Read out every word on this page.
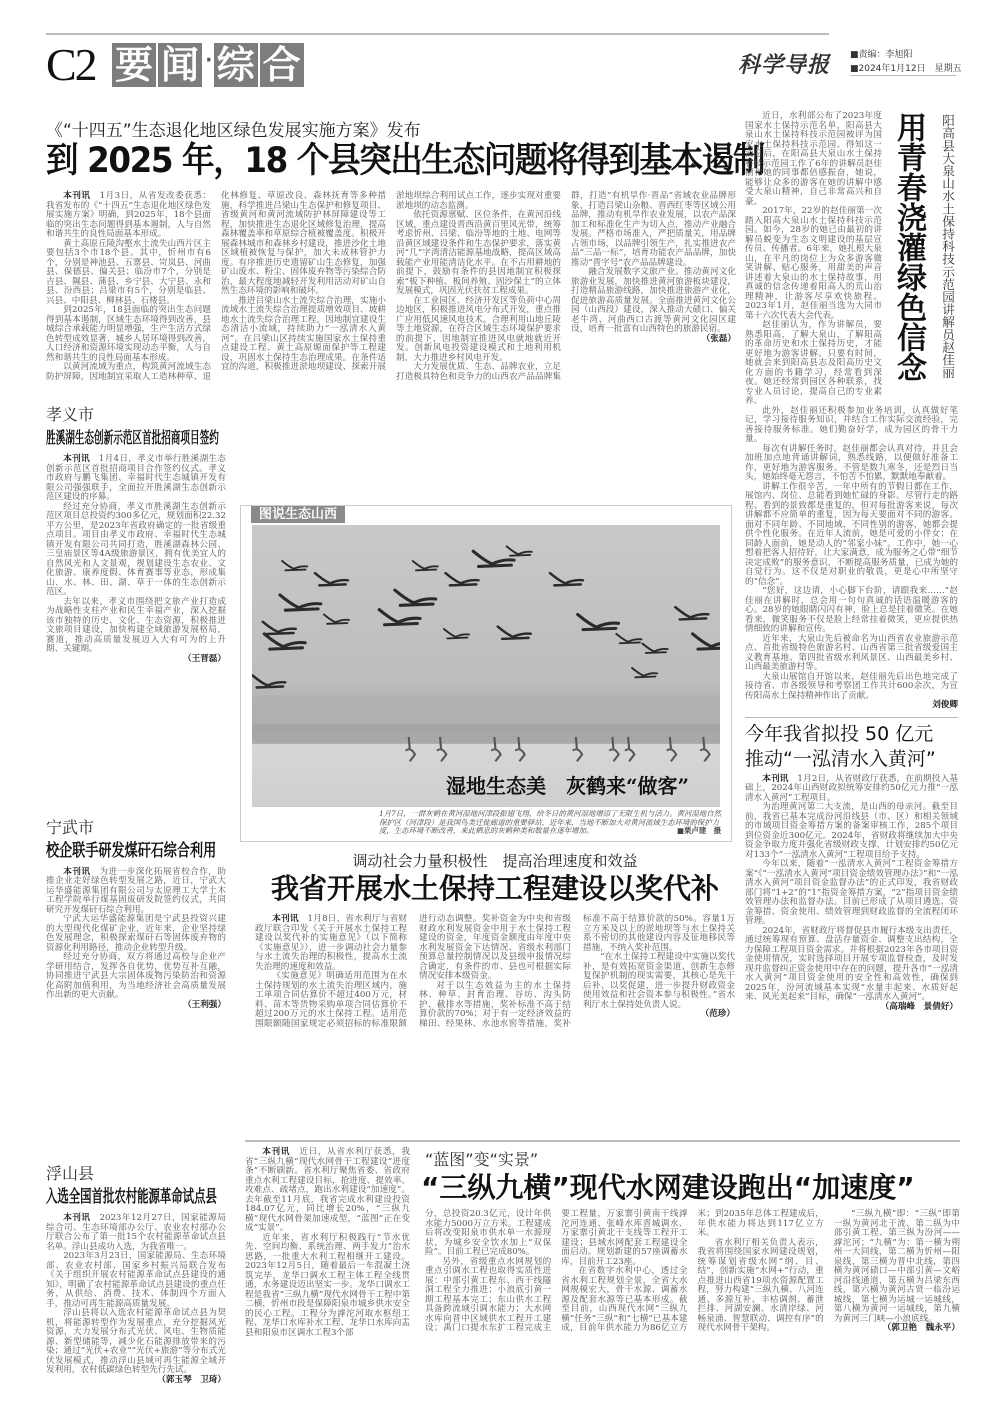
C2 要 闻 ·综 合	科学导报 ■责编：李旭阳
■2024年1月12日　星期五
《“十四五”生态退化地区绿色发展实施方案》发布
到 2025 年，18 个县突出生态问题将得到基本遏制

本刊讯　 1月3日，从省发改委获悉：我省发布的《“十四五”生态退化地区绿色发展实施方案》明确，到2025年，18个县面临的突出生态问题得到基本遏制，人与自然和谐共生的良性局面基本形成。

黄土高原丘陵沟壑水土流失山西片区主要包括3个市18个县。其中，忻州市有6个，分别是神池县、五寨县、岢岚县、河曲县、保德县、偏关县；临汾市7个，分别是吉县、隰县、蒲县、乡宁县、大宁县、永和县、汾西县；吕梁市有5个，分别是临县、兴县、中阳县、柳林县、石楼县。

到2025年，18县面临的突出生态问题得到基本遏制，区域生态环境得到改善，县城综合承载能力明显增强，生产生活方式绿色转型成效显著，城乡人居环境得到改善，人口经济和资源环境实现动态平衡，人与自然和谐共生的良性局面基本形成。

以黄河流域为重点，构筑黄河流域生态防护屏障，因地制宜采取人工造林种草、退化林修复、草原改良、森林抚育等多种措施，科学推进吕梁山生态保护和修复项目、省级黄河和黄河流域防护林屏障建设等工程，加快推进生态退化区域修复治理，提高森林覆盖率和草原综合植被覆盖度。积极开展森林城市和森林乡村建设，推进沙化土地区域植被恢复与保护，加大未成林管护力度。有序推进历史遗留矿山生态修复，加强矿山废水、粉尘、固体废弃物等污染综合防治，最大程度地减轻开发利用活动对矿山自然生态环境的影响和破坏。

推进吕梁山水土流失综合治理，实施小流域水土流失综合治理提质增效项目、坡耕地水土流失综合治理工程，因地制宜建设生态清洁小流域，持续助力“一泓清水入黄河”。在吕梁山区持续实施国家水土保持重点建设工程、黄土高原塬面保护等工程建设，巩固水土保持生态治理成果。在条件适宜的沟道，积极推进淤地坝建设、探索开展淤地坝综合利用试点工作，逐步实现对重要淤地坝的动态监测。

依托资源禀赋、区位条件，在黄河沿线区域，重点建设晋西沿黄百里风光带，统筹考虑忻州、吕梁、临汾等地的土地、电网等沿黄区域建设条件和生态保护要求，落实黄河“几”字湾清洁能源基地战略，提高区域高载能产业用能清洁化水平。在不占用耕地的前提下，鼓励有条件的县因地制宜积极探索“板下种植、板间养殖、固沙保土”的立体发展模式，巩固光伏扶贫工程成果。

在工业园区、经济开发区等负荷中心周边地区，积极推进风电分布式开发，重点推广应用低风速风电技术。合理利用山地丘陵等土地资源，在符合区域生态环境保护要求的前提下，因地制宜推进风电就地就近开发。创新风电投资建设模式和土地利用机制，大力推进乡村风电开发。

大力发展优质、生态、品牌农业，立足打造极具特色和竞争力的山西农产品品牌集群，打造“有机旱作·晋品”省域农业品牌形象，打造吕梁山杂粮、晋西红枣等区域公用品牌，推动有机旱作农业发展，以农产品深加工和标准化生产为切入点，推动产业融合发展。严格市场准入，严把质量关，用品牌占领市场，以品牌引领生产，扎实推进农产品“三品一标”，培育功能农产品品牌，加快推动“晋字号”农产品品牌建设。

融合发展数字文旅产业。推动黄河文化旅游业发展，加快推进黄河旅游板块建设，打造精品旅游线路，加快推进旅游产业化，促进旅游高质量发展。全面推进黄河文化公园（山西段）建设，深入推动大碛口、偏关老牛湾、河曲西口古渡等黄河文化园区建设，培育一批富有山西特色的旅游民宿。

（张磊）

孝义市
胜溪湖生态创新示范区首批招商项目签约

本刊讯　 1月4日，孝义市举行胜溪湖生态创新示范区首批招商项目合作签约仪式。孝义市政府与鹏飞集团、幸福时代生态城镇开发有限公司强强联手，全面拉开胜溪湖生态创新示范区建设的序幕。

经过充分协商，孝义市胜溪湖生态创新示范区项目总投资约300多亿元，规划面积22.32平方公里，是2023年省政府确定的一批省级重点项目。项目由孝义市政府、幸福时代生态城镇开发有限公司共同打造，胜溪湖森林公园、三皇庙景区等4A级旅游景区，拥有优美宜人的自然风光和人文景观，规划建设生态农业、文化旅游、康养度假、体育赛事等业态，形成集山、水、林、田、湖、草于一体的生态创新示范区。

去年以来，孝义市围绕把文旅产业打造成为战略性支柱产业和民生幸福产业，深入挖掘该市独特的历史、文化、生态资源，积极推进文旅项目建设，加快构建全域旅游发展格局，赛道，推动高质量发展迈入大有可为的上升期、关键期。

（王晋磊）

宁武市
校企联手研发煤矸石综合利用

本刊讯　 为进一步深化拓展省校合作，助推企业走好绿色转型发展之路，近日，宁武大运华盛能源集团有限公司与太原理工大学土木工程学院举行煤基固废研发院签约仪式，共同研究开发煤矸石综合利用。

宁武大运华盛能源集团是宁武县投资兴建的大型现代化煤矿企业，近年来，企业坚持绿色发展理念，积极探索煤矸石等固体废弃物的资源化利用路径，推动企业转型升级。

经过充分协商，双方将通过高校与企业产学研用结合，发挥各自优势，优势互补互融，协同推进宁武县大宗固体废物污染防治和资源化高附加值利用，为当地经济社会高质量发展作出新的更大贡献。

（王利强）

浮山县
入选全国首批农村能源革命试点县

本刊讯　 2023年12月27日，国家能源局综合司、生态环境部办公厅、农业农村部办公厅联合公布了第一批15个农村能源革命试点县名单。浮山县成功入选，为我省唯一。

2023年3月23日，国家能源局、生态环境部、农业农村部、国家乡村振兴局联合发布《关于组织开展农村能源革命试点县建设的通知》，明确了农村能源革命试点县建设的重点任务，从供给、消费、技术、体制四个方面入手，推动可再生能源高质量发展。

浮山县将以入选农村能源革命试点县为契机，将能源转型作为发展重点，充分挖掘风光资源，大力发展分布式光伏、风电、生物质能源、新型储能等，减少化石能源排放带来的污染；通过“光伏+农业”“光伏+旅游”等分布式光伏发展模式，推动浮山县域可再生能源全域开发利用，农村低碳绿色转型先行先试。

（郭玉琴　卫琦）

图说生态山西
湿地生态美　灰鹤来“做客”
1月7日，一群灰鹤在黄河湿地河津段振翅飞翔，给冬日的黄河湿地增添了无限生机与活力。黄河湿地自然保护区（河津段）是我国鸟类迁徙廊道的重要驿站，近年来，当地不断加大对黄河流域生态环境的保护力度，生态环境不断改善，来此栖息的灰鹤种类和数量在逐年增加。	■栗卢建　摄
调动社会力量积极性　提高治理速度和效益
我省开展水土保持工程建设以奖代补

本刊讯　 1月8日，省水利厅与省财政厅联合印发《关于开展水土保持工程建设以奖代补的实施意见》（以下简称《实施意见》），进一步调动社会力量参与水土流失治理的积极性，提高水土流失治理的速度和效益。

《实施意见》明确适用范围为在水土保持规划的水土流失治理区域内，施工单项合同估算价不超过400万元，材料、苗木等货物采购单项合同估算价不超过200万元的水土保持工程。适用范围限额随国家规定必须招标的标准限额进行动态调整。奖补资金为中央和省级财政水利发展资金中用于水土保持工程建设的资金，年度资金额度由年度中央水利发展资金下达情况、省级水利部门预算总量控制情况以及县级申报情况综合确定，有条件的市、县也可根据实际情况安排本级资金。

对于以生态效益为主的水土保持林、种草、封育治理、谷坊、沟头防护、截排水等措施，奖补标准不高于结算价款的70%；对于有一定经济效益的梯田、经果林、水池水窖等措施，奖补标准不高于结算价款的50%。容量1万立方米及以上的淤地坝等与水土保持关系不密切的其他建设内容及征地移民等措施，不纳入奖补范围。

“在水土保持工程建设中实施以奖代补，是有效拓宽资金渠道、创新生态修复保护机制的现实需要，其核心是先干后补、以奖促建，进一步提升财政资金使用效益和社会资本参与积极性。”省水利厅水土保持处负责人说。

（范珍）

用青春浇灌绿色信念 阳高县大泉山水土保持科技示范园讲解员赵佳丽

近日，水利部公布了2023年度国家水土保持示范名单，阳高县大泉山水土保持科技示范园被评为国家水土保持科技示范园。得知这一消息后，在阳高县大泉山水土保持科技示范园工作了6年的讲解员赵佳丽和她的同事都倍感振奋，她说，能够让众多的游客在她的讲解中感受大泉山精神，自己非常高兴和自豪。

2017年，22岁的赵佳丽第一次踏入阳高大泉山水土保持科技示范园。如今，28岁的她已由最初的讲解员蜕变为生态文明建设的基层宣传员、传播者。6年来，她扎根大泉山，在平凡的岗位上为众多游客微笑讲解、贴心服务，用甜美的声音讲述着大泉山的水土保持故事，用真诚的信念传递着阳高人的荒山治理精神，让游客尽享欢快旅程。2023年1月，赵佳丽当选为大同市第十六次代表大会代表。

赵佳丽认为，作为讲解员，要熟悉阳高，了解大泉山，了解阳高的革命历史和水土保持历史，才能更好地为游客讲解。只要有时间，她就会来到阳高县志及阳高历史文化方面的书籍学习，经常看到深夜。她还经常到园区各种联系，找专业人员讨论，提高自己的专业素养。

此外，赵佳丽还积极参加业务培训，认真做好笔记，学习接待服务知识，并结合工作实际交流经验，完善接待服务标准。她们勤奋好学，成为园区的骨干力量。

每次有讲解任务时，赵佳丽都会认真对待，并且会加班加点地背诵讲解词，熟悉线路，以便做好准备工作，更好地为游客服务。不管是数九寒冬，还是烈日当头，她始终毫无怨言，不怕苦不怕累，默默地奉献着。

讲解工作很辛苦，一年中所有的节假日都在工作，展馆内、岗位、总能看到她忙碌的身影。尽管行走的路程、看到的景致都是重复的，但对每批游客来说，每次讲解都不应简单的重复，因为每天要面对不同的游客。面对不同年龄、不同地域、不同性别的游客，她都会提供个性化服务。在近年人流前，她是可爱的小伴女；在同龄人面前，她是动人的“邻家小妹”。工作中，她一心想着把客人招待好，让大家满意，成为服务之心带“细节决定成败”的服务意识，不断提高服务质量，已成为她的自觉行为。这不仅是对职业的敬畏，更是心中所坚守的“信念”。

“您好，这边请，小心脚下台阶，请跟我来……”赵佳丽在讲解时，总会用一句句真诚的话语温暖游客的心。28岁的她眼睛闪闪有神，脸上总是挂着微笑。在她看来，微笑服务不仅是脸上经常挂着微笑，更应提供热情细致的讲解和宣传。

近年来，大泉山先后被命名为山西省农业旅游示范点、首批省级特色旅游名村、山西省第三批省级爱国主义教育基地、第四批省级水利风景区、山西最美乡村、山西最美旅游村等。

大泉山展馆自开馆以来，赵佳丽先后出色地完成了接待省、市各级领导和考察团工作共计600余次，为宣传阳高水土保持精神作出了贡献。

刘俊卿

今年我省拟投 50 亿元
推动“一泓清水入黄河”

本刊讯　 1月2日，从省财政厅获悉，在前期投入基础上，2024年山西财政拟统筹安排约50亿元力推“一泓清水入黄河”工程项目。

为治理黄河第二大支流，是山西的母亲河。截至目前，我省已基本完成汾河沿线县（市、区）和相关领域的市域项目资金筹措方案的备案审核工作，285个项目到位资金近300亿元。2024年，省财政将继续加大中央资金争取力度并强化省级财政支撑，计划安排约50亿元对133个“一泓清水入黄河”工程项目给予支持。

今年以来，随着“一泓清水入黄河”工程资金筹措方案“《“一泓清水入黄河”项目资金绩效管理办法》”和“一泓清水入黄河”项目资金监督办法”的正式印发，我省财政部门将“1+2”的“1”指资金筹措方案，“2”指项目资金绩效管理办法和监督办法。目前已形成了从项目遴选、资金筹措、资金使用、绩效管理到财政监督的全流程闭环管理。

2024年，省财政厅将督促县市履行本级支出责任，通过统筹现有预算、盘活存量资金、调整支出结构，全力保障工程项目资金需求。并将根据2023年各市项目资金使用情况，实时选择项目开展专项监督检查，及时发现并监督纠正资金使用中存在的问题，提升各市“一泓清水入黄河”项目资金使用的安全性和高效性，确保到2025年，汾河流域基本实现“水量丰起来、水质好起来、风光美起来”目标，确保“一泓清水入黄河”。

（高瑞峰　景倩好）

本刊讯　 近日，从省水利厅获悉，我省“三纵九横”现代水网骨干工程建设“进度条”不断刷新。省水利厅聚焦省委、省政府重点水利工程建设目标，抢进度、提效率、攻难点、疏堵点，跑出水利建设“加速度”。去年截至11月底，我省完成水利建设投资184.07亿元，同比增长20%，“三纵九横”现代水网骨架加速成型，“蓝图”正在变成“实景”。

近年来，省水利厅积极践行“节水优先、空间均衡、系统治理、两手发力”治水思路，一批重大水利工程相继开工建设。2023年12月5日，随着最后一车混凝土浇筑完毕，龙华口调水工程主体工程全线贯通，水务建设迈出坚实一步。龙华口调水工程是我省“三纵九横”现代水网骨干工程中第二横，忻州市段是保障阳泉市城乡供水安全的民心工程。工程分为滹沱河取水枢纽工程、龙华口水库补水工程、龙华口水库向盂县和阳泉市区调水工程3个部

“蓝图”变“实景”
“三纵九横”现代水网建设跑出“加速度”

分，总投资20.3亿元，设计年供水能力5000万立方米。工程建成后将改变阳泉市供水单一水源现状，为城乡安全饮水加上“双保险”。目前工程已完成80%。

另外，省级重点水网规划的重点引调水工程也取得实质性进展：中部引黄工程东、西干线隧洞工程全力推进；小浪底引黄一期工程基本完工；东山供水工程具备跨流域引调水能力；大水网水库向晋中区域供水工程开工建设；禹门口提水东扩工程完成主要工程量，万家寨引黄南干线滹沱河连通、张峰水库晋城调水、万家寨引黄北干支线等工程开工建设；县域水网配套工程建设全面启动。规划新建的57座调蓄水库，目前开工23座。

在省数字水利中心，透过全省水利工程规划全景，全省大水网规模宏大，骨干水源、调蓄水源及配套水源等已基本形成。截至目前，山西现代水网“三纵九横”任务“三纵”和“七横”已基本建成，目前年供水能力为86亿立方米；到2035年总体工程建成后，年供水能力将达到117亿立方米。

省水利厅相关负责人表示，我省将围绕国家水网建设规划，统筹谋划省级水网“纲、目、结”，创新实施“水网+”行动，重点推进山西省19项水资源配置工程，努力构建“三纵九横、八河连通、多源互补、丰枯调剂、蓄泄拦排、河湖安澜、水清岸绿、河畅泉涌、智慧联动、调控有序”的现代水网骨干架构。

“三纵九横”即：“三纵”即第一纵为黄河北干流、第二纵为中部引黄工程、第三纵为汾河——滹沱河；“九横”为：第一横为朔州一大同线，第二横为忻州—阳泉线，第三横为晋中北线，第四横为黄河碛口—中部引黄—文峪河沿线通道，第五横为吕梁东西线，第六横为黄河古贤一临汾运城线，第七横为运城一运城线，第八横为黄河一运城线，第九横为黄河三门峡—小浪底线。

（郭卫艳　魏永平）
